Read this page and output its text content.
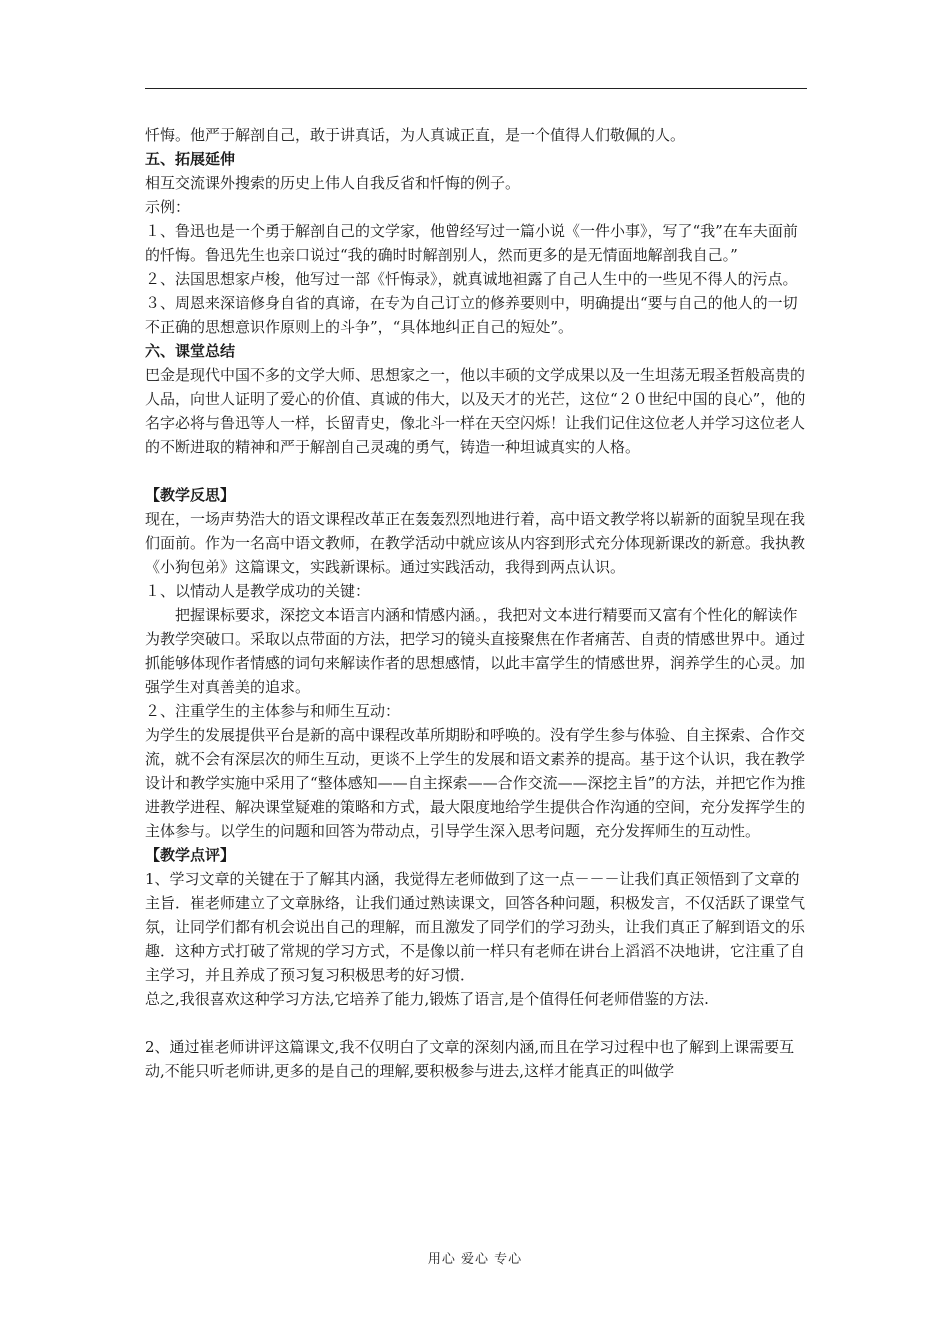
忏悔。他严于解剖自己，敢于讲真话，为人真诚正直，是一个值得人们敬佩的人。

五、拓展延伸

相互交流课外搜索的历史上伟人自我反省和忏悔的例子。

示例：

１、鲁迅也是一个勇于解剖自己的文学家，他曾经写过一篇小说《一件小事》，写了“我”在车夫面前的忏悔。鲁迅先生也亲口说过“我的确时时解剖别人，然而更多的是无情面地解剖我自己。”

２、法国思想家卢梭，他写过一部《忏悔录》，就真诚地袒露了自己人生中的一些见不得人的污点。

３、周恩来深谙修身自省的真谛，在专为自己订立的修养要则中，明确提出“要与自己的他人的一切不正确的思想意识作原则上的斗争”，“具体地纠正自己的短处”。

六、课堂总结

巴金是现代中国不多的文学大师、思想家之一，他以丰硕的文学成果以及一生坦荡无瑕圣哲般高贵的人品，向世人证明了爱心的价值、真诚的伟大，以及天才的光芒，这位“２０世纪中国的良心”，他的名字必将与鲁迅等人一样，长留青史，像北斗一样在天空闪烁！让我们记住这位老人并学习这位老人的不断进取的精神和严于解剖自己灵魂的勇气，铸造一种坦诚真实的人格。

【教学反思】

现在，一场声势浩大的语文课程改革正在轰轰烈烈地进行着，高中语文教学将以崭新的面貌呈现在我们面前。作为一名高中语文教师，在教学活动中就应该从内容到形式充分体现新课改的新意。我执教《小狗包弟》这篇课文，实践新课标。通过实践活动，我得到两点认识。

１、以情动人是教学成功的关键：

把握课标要求，深挖文本语言内涵和情感内涵。，我把对文本进行精要而又富有个性化的解读作为教学突破口。采取以点带面的方法，把学习的镜头直接聚焦在作者痛苦、自责的情感世界中。通过抓能够体现作者情感的词句来解读作者的思想感情，以此丰富学生的情感世界，润养学生的心灵。加强学生对真善美的追求。

２、注重学生的主体参与和师生互动：

为学生的发展提供平台是新的高中课程改革所期盼和呼唤的。没有学生参与体验、自主探索、合作交流，就不会有深层次的师生互动，更谈不上学生的发展和语文素养的提高。基于这个认识，我在教学设计和教学实施中采用了“整体感知——自主探索——合作交流——深挖主旨”的方法，并把它作为推进教学进程、解决课堂疑难的策略和方式，最大限度地给学生提供合作沟通的空间，充分发挥学生的主体参与。以学生的问题和回答为带动点，引导学生深入思考问题，充分发挥师生的互动性。

【教学点评】

1、学习文章的关键在于了解其内涵，我觉得左老师做到了这一点－－－让我们真正领悟到了文章的主旨．崔老师建立了文章脉络，让我们通过熟读课文，回答各种问题，积极发言，不仅活跃了课堂气氛，让同学们都有机会说出自己的理解，而且激发了同学们的学习劲头，让我们真正了解到语文的乐趣．这种方式打破了常规的学习方式，不是像以前一样只有老师在讲台上滔滔不决地讲，它注重了自主学习，并且养成了预习复习积极思考的好习惯．

总之,我很喜欢这种学习方法,它培养了能力,锻炼了语言,是个值得任何老师借鉴的方法.

2、通过崔老师讲评这篇课文,我不仅明白了文章的深刻内涵,而且在学习过程中也了解到上课需要互动,不能只听老师讲,更多的是自己的理解,要积极参与进去,这样才能真正的叫做学

用心 爱心 专心
